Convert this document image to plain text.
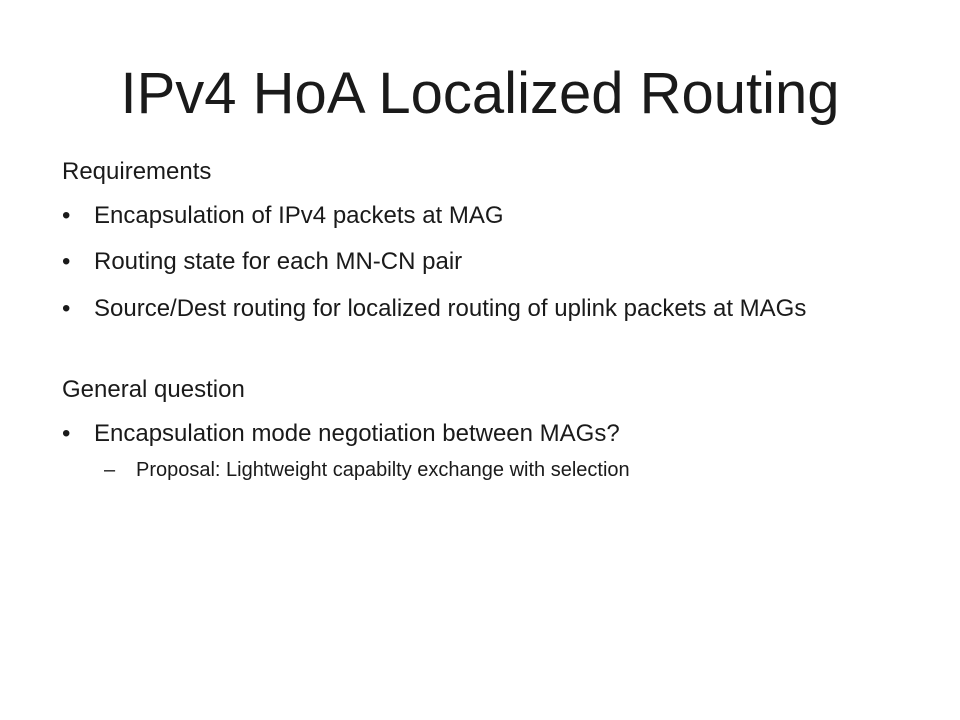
IPv4 HoA Localized Routing
Requirements
• Encapsulation of IPv4 packets at MAG
• Routing state for each MN-CN pair
• Source/Dest routing for localized routing of uplink packets at MAGs
General question
• Encapsulation mode negotiation between MAGs?
– Proposal: Lightweight capabilty exchange with selection
